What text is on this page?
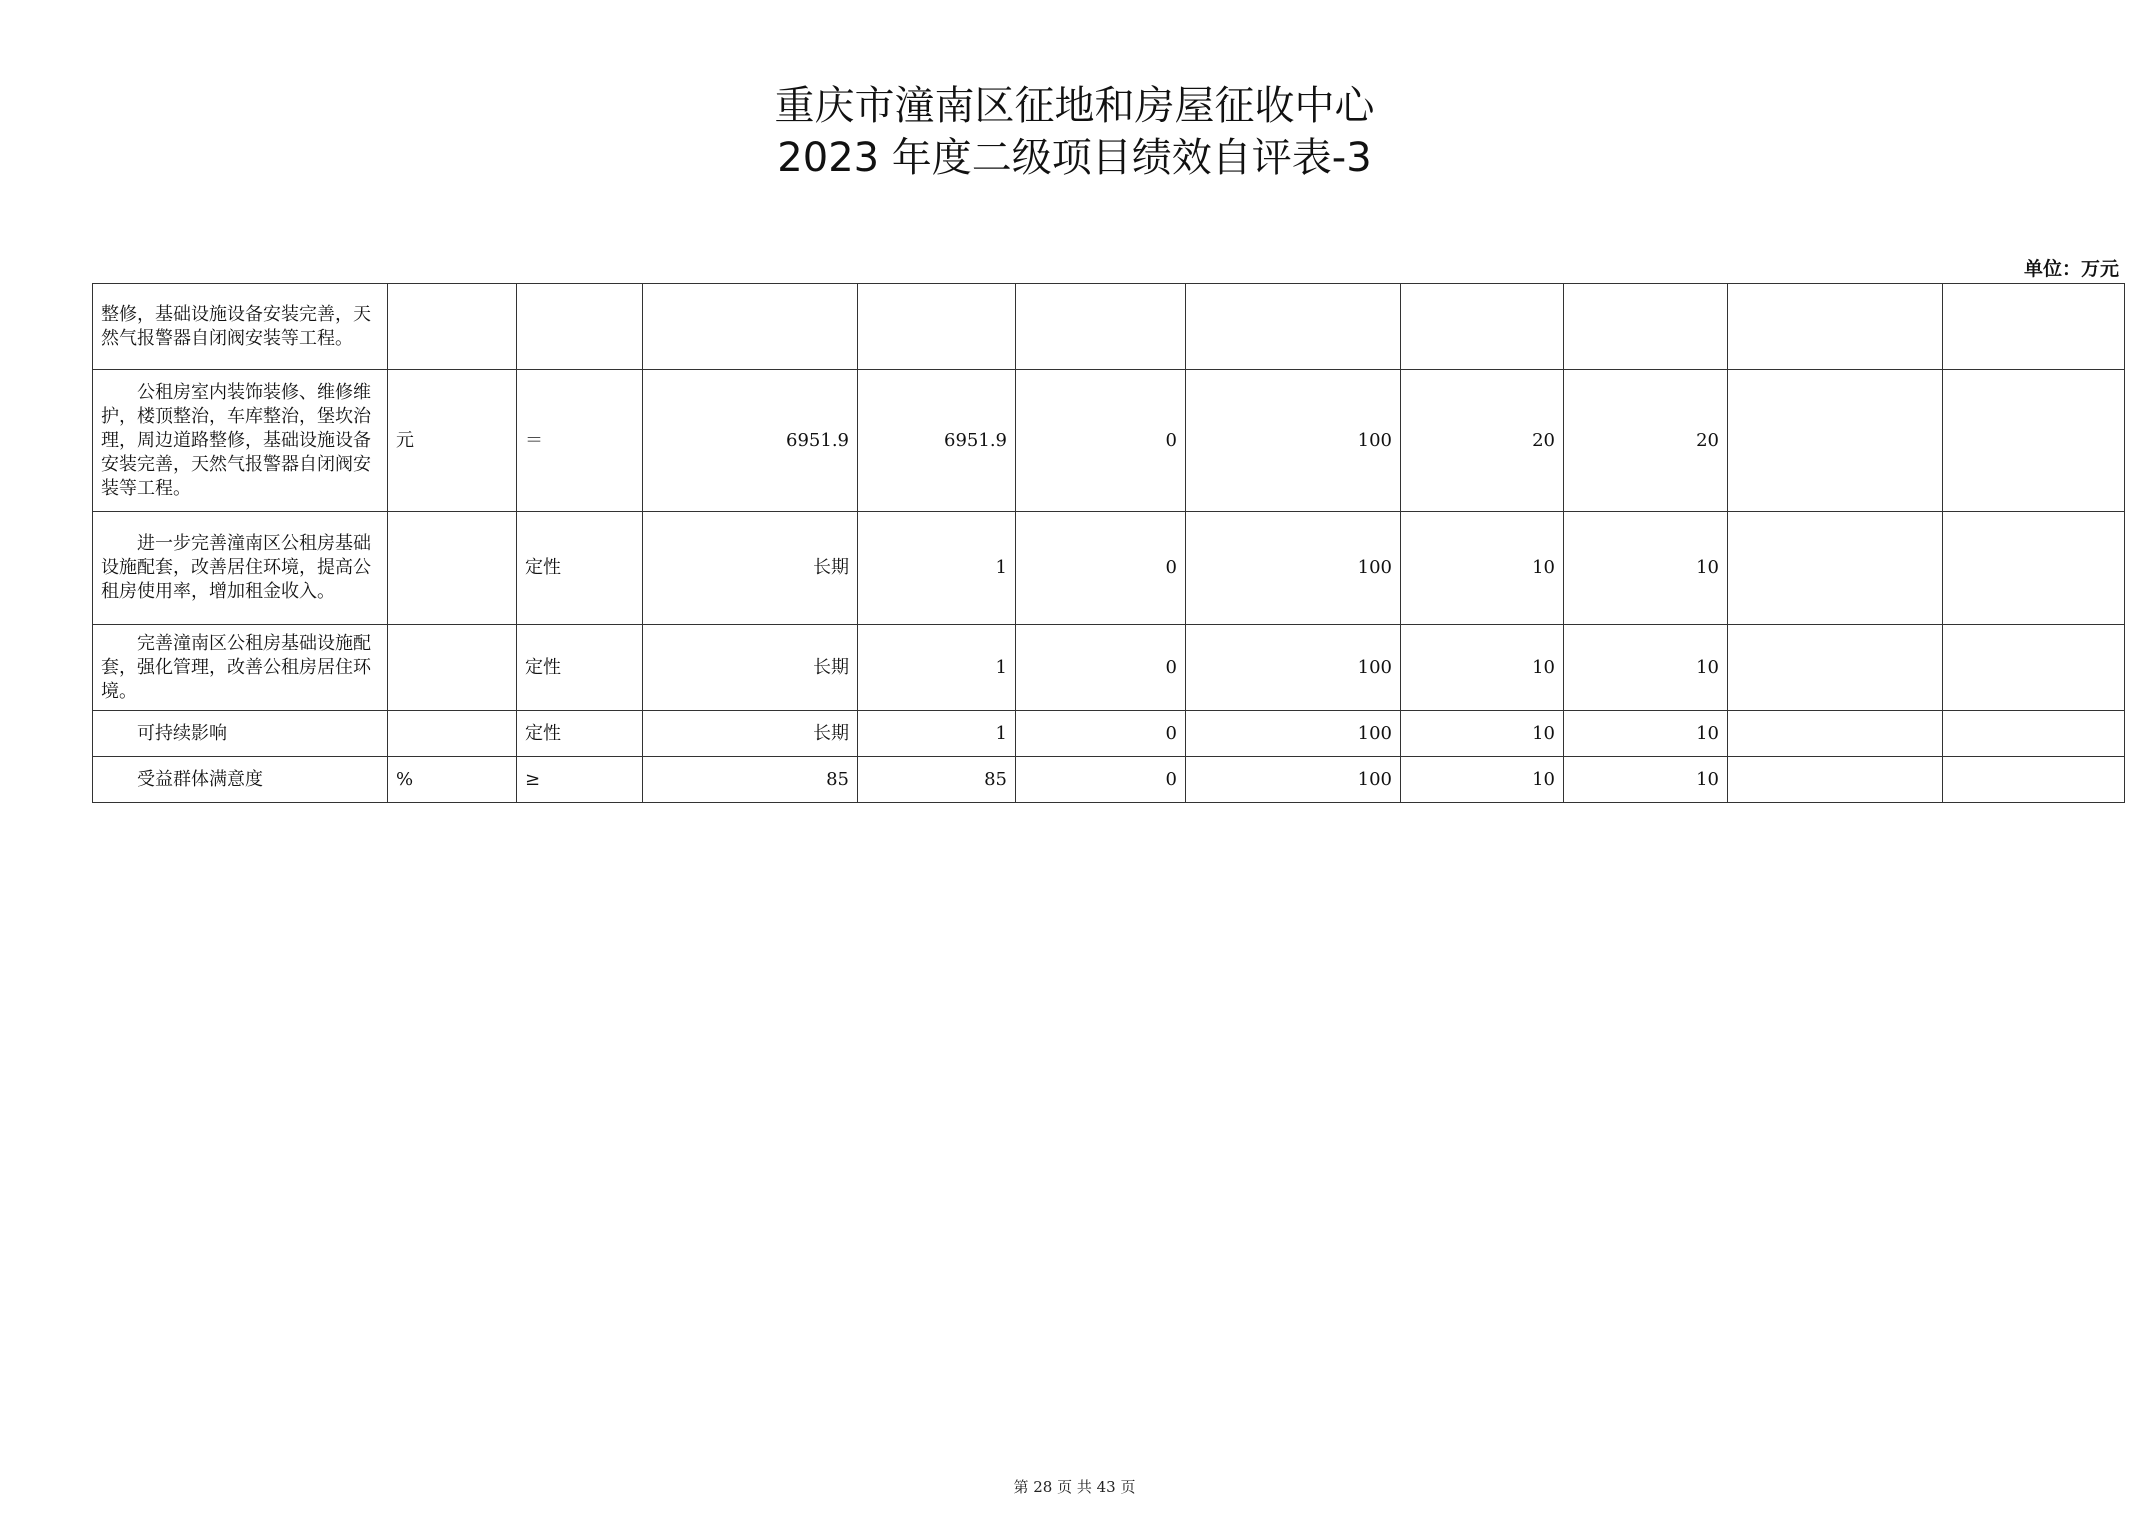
重庆市潼南区征地和房屋征收中心
2023 年度二级项目绩效自评表-3
单位：万元
整修，基础设施设备安装完善，天然气报警器自闭阀安装等工程。										
公租房室内装饰装修、维修维护，楼顶整治，车库整治，堡坎治理，周边道路整修，基础设施设备安装完善，天然气报警器自闭阀安装等工程。	元	＝	6951.9	6951.9	0	100	20	20		
进一步完善潼南区公租房基础设施配套，改善居住环境，提高公租房使用率，增加租金收入。		定性	长期	1	0	100	10	10		
完善潼南区公租房基础设施配套，强化管理，改善公租房居住环境。		定性	长期	1	0	100	10	10		
可持续影响		定性	长期	1	0	100	10	10		
受益群体满意度	%	≥	85	85	0	100	10	10		
第 28 页 共 43 页
